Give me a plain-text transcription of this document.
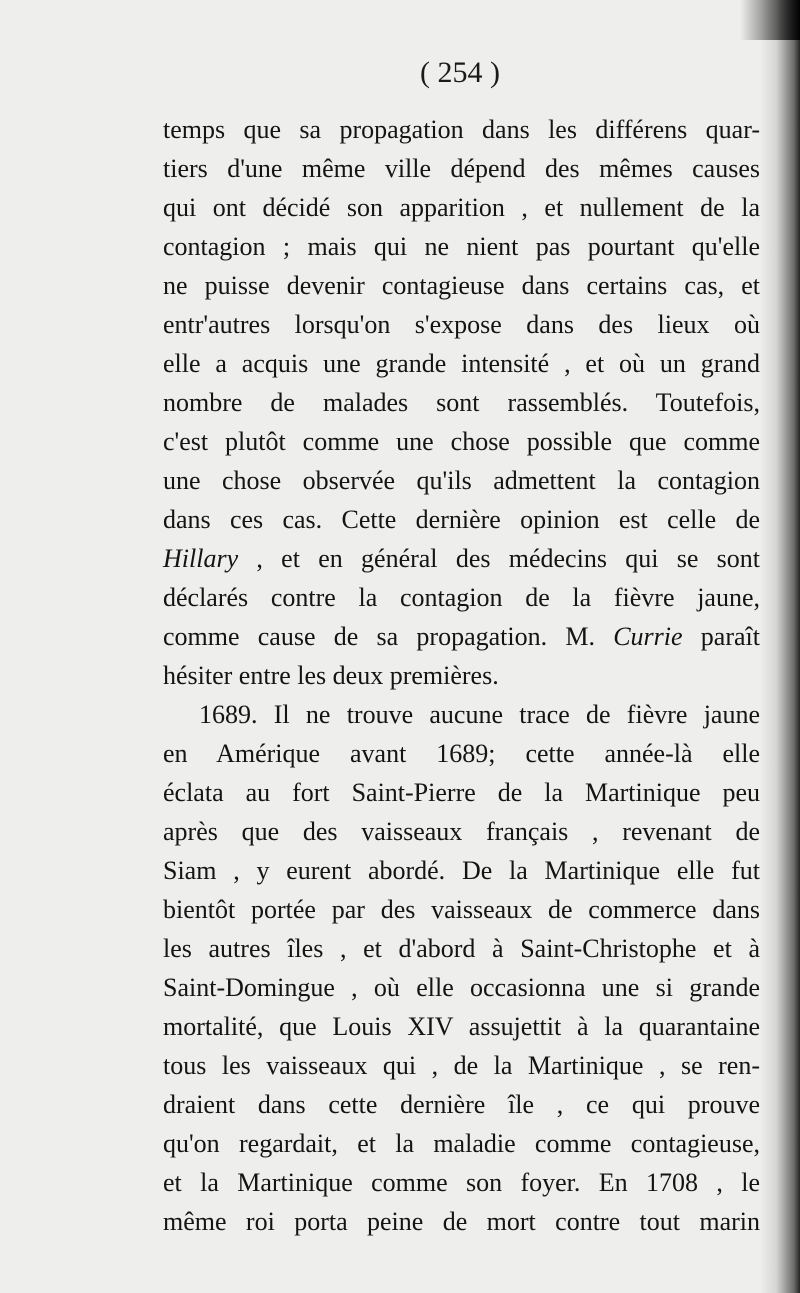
( 254 )
temps que sa propagation dans les différens quar-
tiers d'une même ville dépend des mêmes causes
qui ont décidé son apparition , et nullement de la
contagion ; mais qui ne nient pas pourtant qu'elle
ne puisse devenir contagieuse dans certains cas, et
entr'autres lorsqu'on s'expose dans des lieux où
elle a acquis une grande intensité , et où un grand
nombre de malades sont rassemblés. Toutefois,
c'est plutôt comme une chose possible que comme
une chose observée qu'ils admettent la contagion
dans ces cas. Cette dernière opinion est celle de
Hillary , et en général des médecins qui se sont
déclarés contre la contagion de la fièvre jaune,
comme cause de sa propagation. M. Currie paraît
hésiter entre les deux premières.
1689. Il ne trouve aucune trace de fièvre jaune
en Amérique avant 1689; cette année-là elle
éclata au fort Saint-Pierre de la Martinique peu
après que des vaisseaux français , revenant de
Siam , y eurent abordé. De la Martinique elle fut
bientôt portée par des vaisseaux de commerce dans
les autres îles , et d'abord à Saint-Christophe et à
Saint-Domingue , où elle occasionna une si grande
mortalité, que Louis XIV assujettit à la quarantaine
tous les vaisseaux qui , de la Martinique , se ren-
draient dans cette dernière île , ce qui prouve
qu'on regardait, et la maladie comme contagieuse,
et la Martinique comme son foyer. En 1708 , le
même roi porta peine de mort contre tout marin
